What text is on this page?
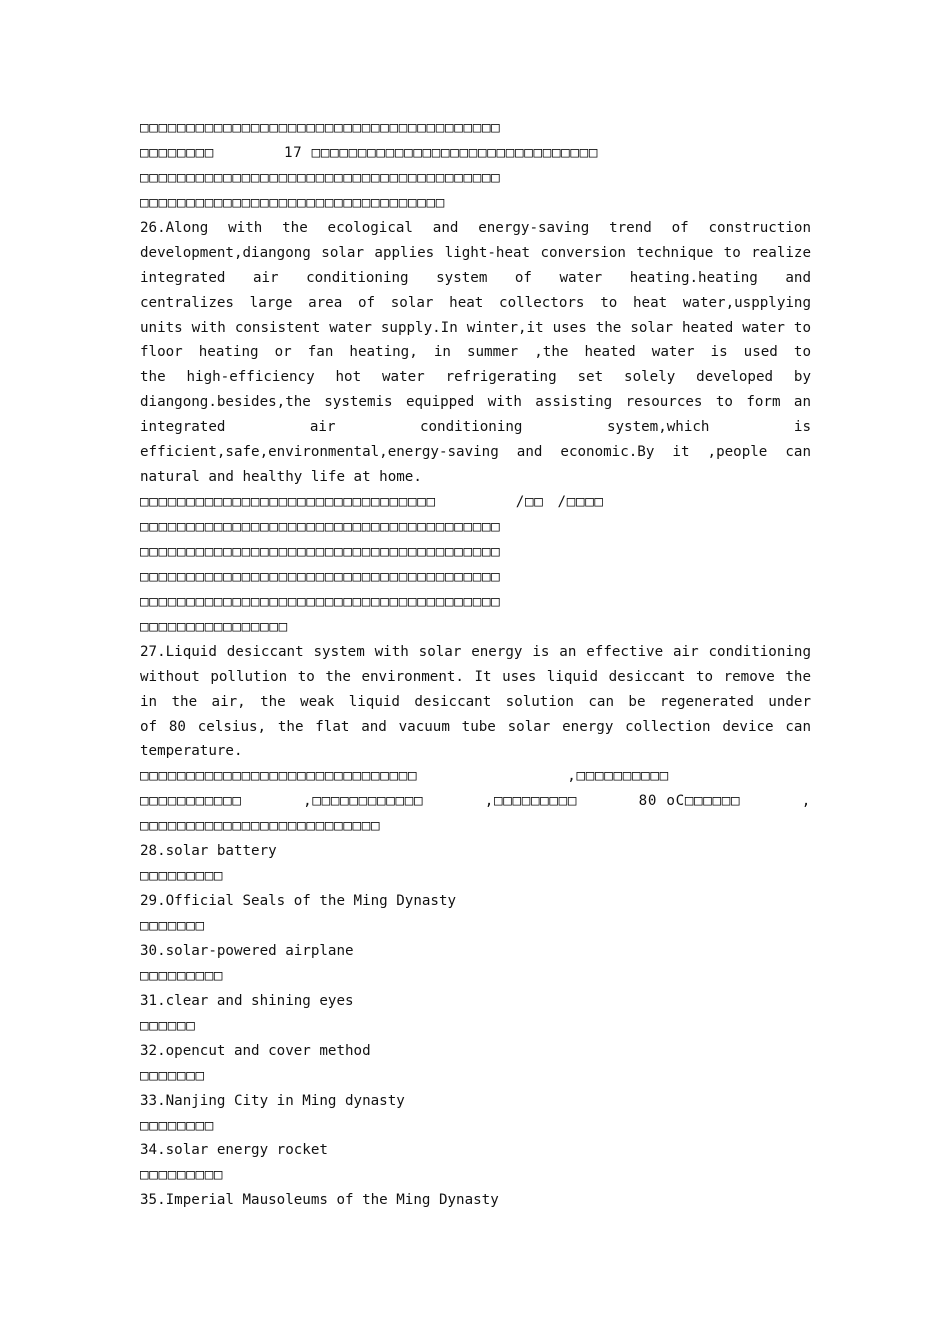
□□□□□□□□□□□□□□□□□□□□□□□□□□□□□□□□□□□□□□□
□□□□□□□□	17 □□□□□□□□□□□□□□□□□□□□□□□□□□□□□□□
□□□□□□□□□□□□□□□□□□□□□□□□□□□□□□□□□□□□□□□
□□□□□□□□□□□□□□□□□□□□□□□□□□□□□□□□□
26.Along with the ecological and energy-saving trend of construction
development,diangong solar applies light-heat conversion technique to realize
integrated air conditioning system of water heating.heating and
centralizes large area of solar heat collectors to heat water,uspplying
units with consistent water supply.In winter,it uses the solar heated water to
floor heating or fan heating, in summer ,the heated water is used to
the high-efficiency hot water refrigerating set solely developed by
diangong.besides,the systemis equipped with assisting resources to form an
integrated air conditioning system,which is
efficient,safe,environmental,energy-saving and economic.By it ,people can
natural and healthy life at home.
□□□□□□□□□□□□□□□□□□□□□□□□□□□□□□□□	/□□ /□□□□
□□□□□□□□□□□□□□□□□□□□□□□□□□□□□□□□□□□□□□□
□□□□□□□□□□□□□□□□□□□□□□□□□□□□□□□□□□□□□□□
□□□□□□□□□□□□□□□□□□□□□□□□□□□□□□□□□□□□□□□
□□□□□□□□□□□□□□□□□□□□□□□□□□□□□□□□□□□□□□□
□□□□□□□□□□□□□□□□
27.Liquid desiccant system with solar energy is an effective air conditioning
without pollution to the environment. It uses liquid desiccant to remove the
in the air, the weak liquid desiccant solution can be regenerated under
of 80 celsius, the flat and vacuum tube solar energy collection device can
temperature.
□□□□□□□□□□□□□□□□□□□□□□□□□□□□□□	,□□□□□□□□□□
□□□□□□□□□□□	,□□□□□□□□□□□□	,□□□□□□□□□	80 oC□□□□□□	,
□□□□□□□□□□□□□□□□□□□□□□□□□□
28.solar battery
□□□□□□□□□
29.Official Seals of the Ming Dynasty
□□□□□□□
30.solar-powered airplane
□□□□□□□□□
31.clear and shining eyes
□□□□□□
32.opencut and cover method
□□□□□□□
33.Nanjing City in Ming dynasty
□□□□□□□□
34.solar energy rocket
□□□□□□□□□
35.Imperial Mausoleums of the Ming Dynasty
